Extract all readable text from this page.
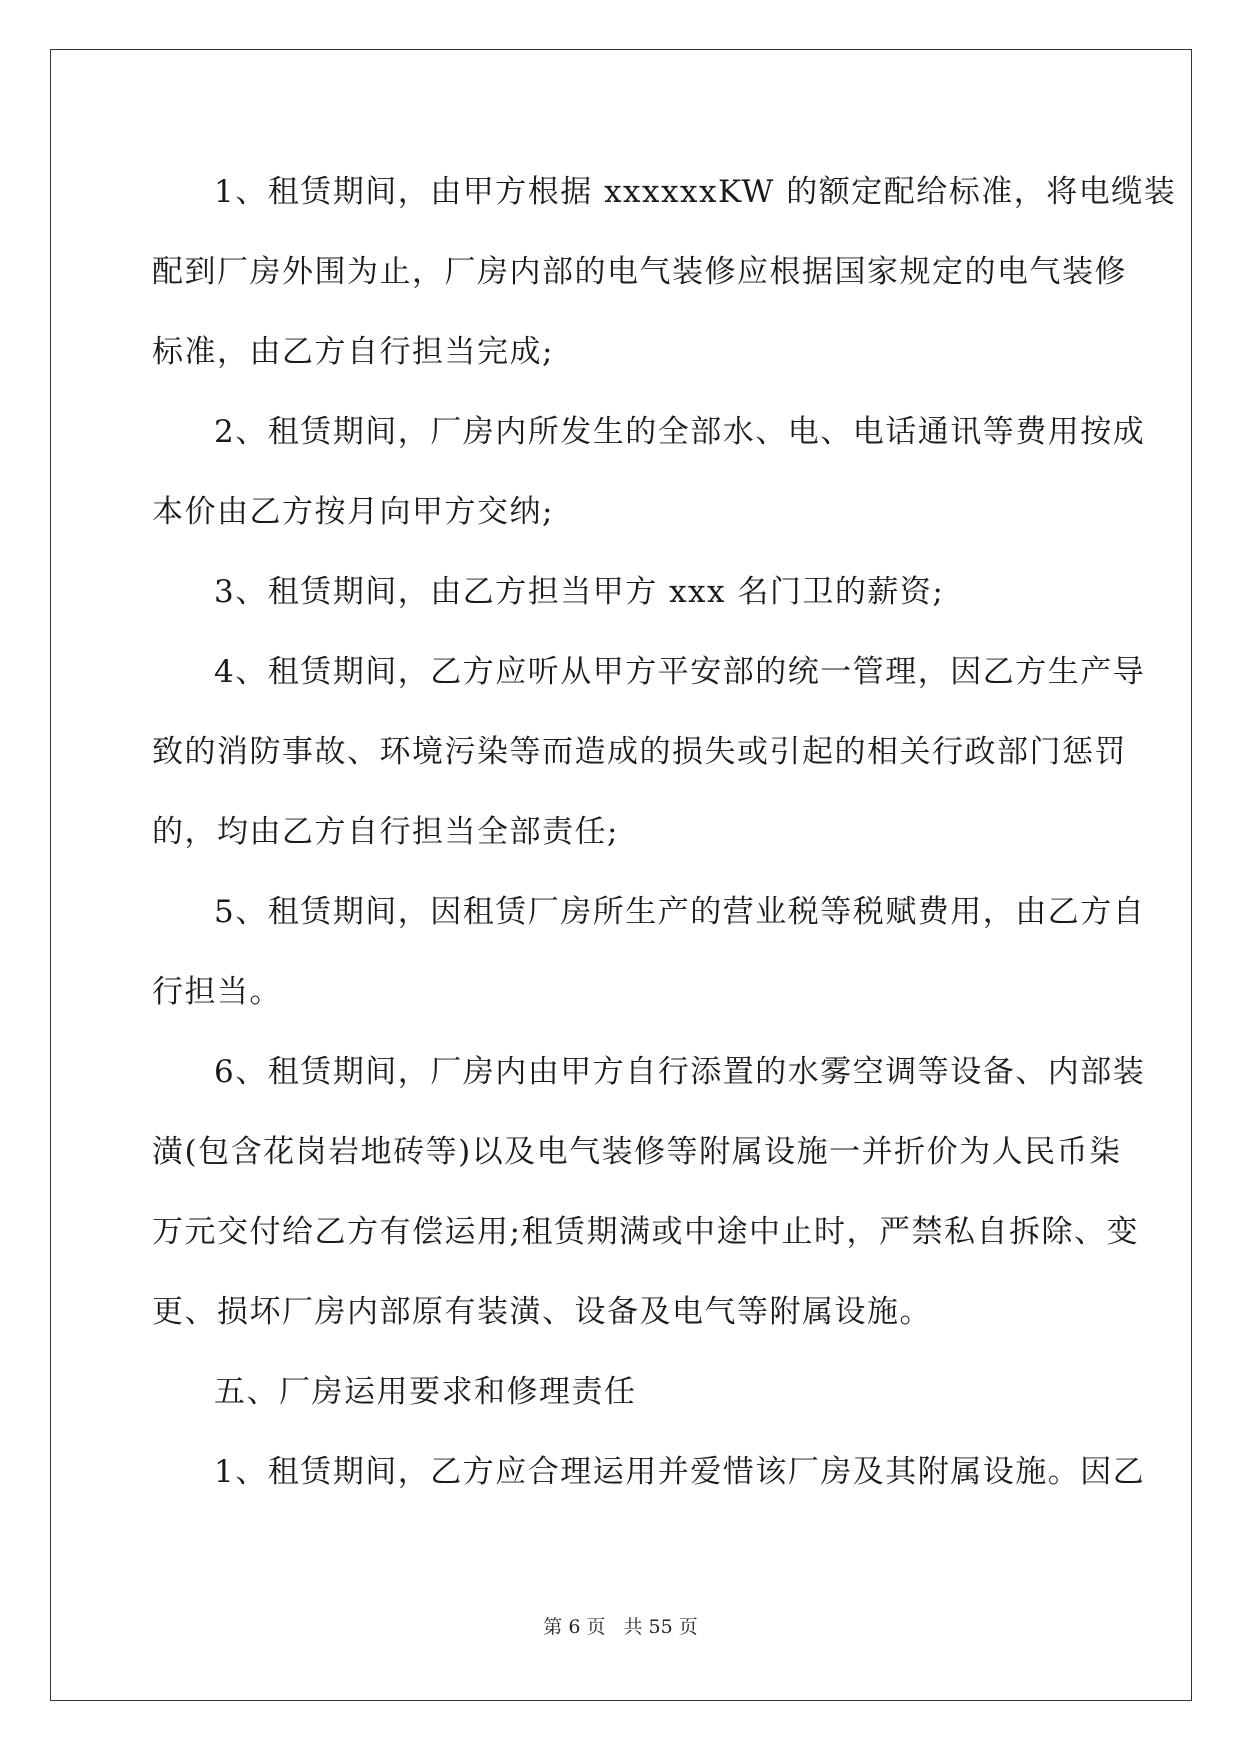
1、租赁期间，由甲方根据 xxxxxxKW 的额定配给标准，将电缆装
配到厂房外围为止，厂房内部的电气装修应根据国家规定的电气装修
标准，由乙方自行担当完成;
2、租赁期间，厂房内所发生的全部水、电、电话通讯等费用按成
本价由乙方按月向甲方交纳;
3、租赁期间，由乙方担当甲方 xxx 名门卫的薪资;
4、租赁期间，乙方应听从甲方平安部的统一管理，因乙方生产导
致的消防事故、环境污染等而造成的损失或引起的相关行政部门惩罚
的，均由乙方自行担当全部责任;
5、租赁期间，因租赁厂房所生产的营业税等税赋费用，由乙方自
行担当。
6、租赁期间，厂房内由甲方自行添置的水雾空调等设备、内部装
潢(包含花岗岩地砖等)以及电气装修等附属设施一并折价为人民币柒
万元交付给乙方有偿运用;租赁期满或中途中止时，严禁私自拆除、变
更、损坏厂房内部原有装潢、设备及电气等附属设施。
五、厂房运用要求和修理责任
1、租赁期间，乙方应合理运用并爱惜该厂房及其附属设施。因乙
第 6 页 共 55 页
